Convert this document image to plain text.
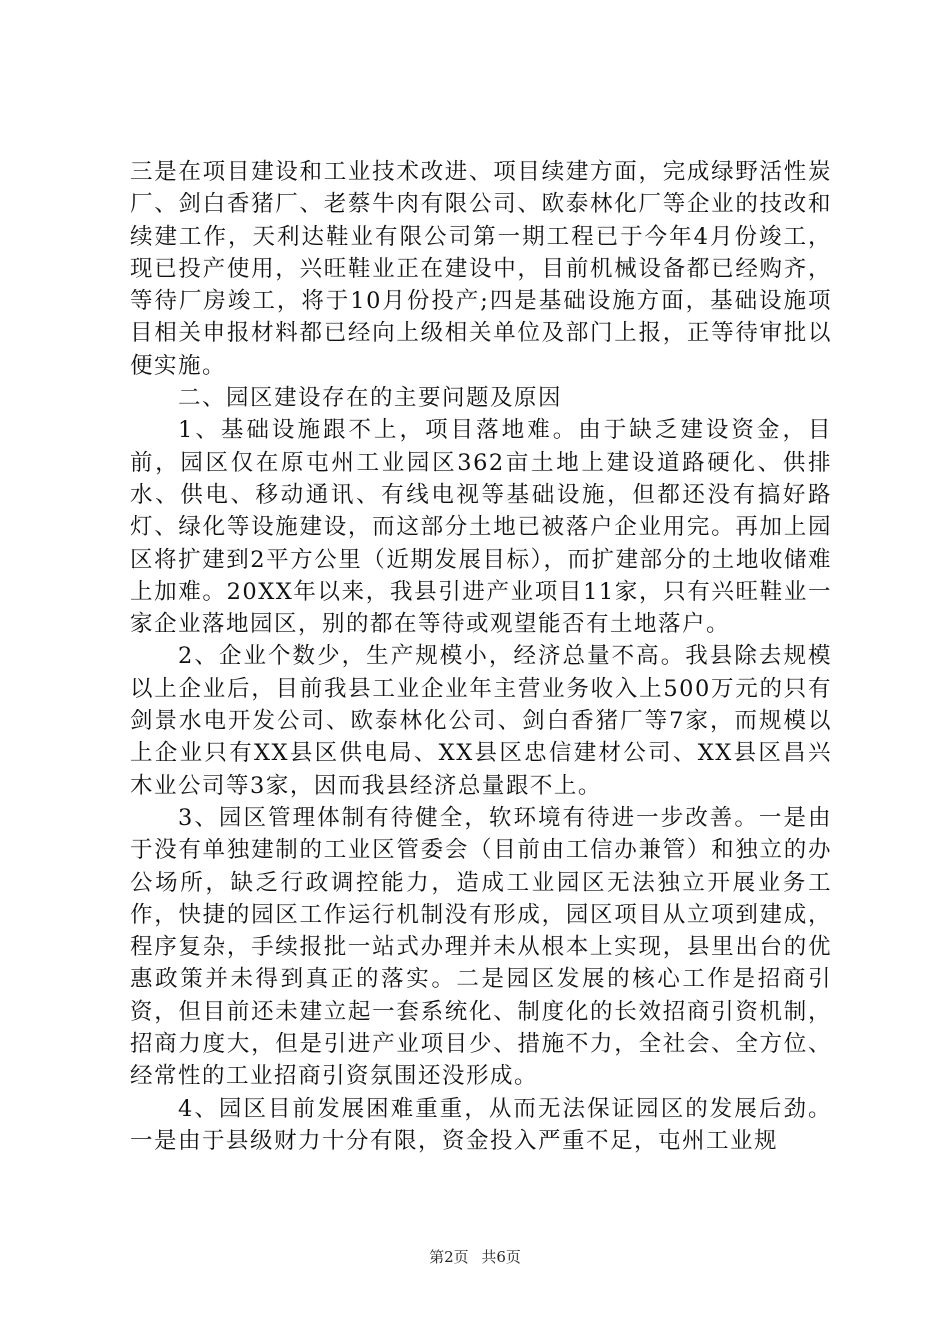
三是在项目建设和工业技术改进、项目续建方面，完成绿野活性炭厂、剑白香猪厂、老蔡牛肉有限公司、欧泰林化厂等企业的技改和续建工作，天利达鞋业有限公司第一期工程已于今年4月份竣工，现已投产使用，兴旺鞋业正在建设中，目前机械设备都已经购齐，等待厂房竣工，将于10月份投产;四是基础设施方面，基础设施项目相关申报材料都已经向上级相关单位及部门上报，正等待审批以便实施。

二、园区建设存在的主要问题及原因

1、基础设施跟不上，项目落地难。由于缺乏建设资金，目前，园区仅在原屯州工业园区362亩土地上建设道路硬化、供排水、供电、移动通讯、有线电视等基础设施，但都还没有搞好路灯、绿化等设施建设，而这部分土地已被落户企业用完。再加上园区将扩建到2平方公里（近期发展目标），而扩建部分的土地收储难上加难。20XX年以来，我县引进产业项目11家，只有兴旺鞋业一家企业落地园区，别的都在等待或观望能否有土地落户。

2、企业个数少，生产规模小，经济总量不高。我县除去规模以上企业后，目前我县工业企业年主营业务收入上500万元的只有剑景水电开发公司、欧泰林化公司、剑白香猪厂等7家，而规模以上企业只有XX县区供电局、XX县区忠信建材公司、XX县区昌兴木业公司等3家，因而我县经济总量跟不上。

3、园区管理体制有待健全，软环境有待进一步改善。一是由于没有单独建制的工业区管委会（目前由工信办兼管）和独立的办公场所，缺乏行政调控能力，造成工业园区无法独立开展业务工作，快捷的园区工作运行机制没有形成，园区项目从立项到建成，程序复杂，手续报批一站式办理并未从根本上实现，县里出台的优惠政策并未得到真正的落实。二是园区发展的核心工作是招商引资，但目前还未建立起一套系统化、制度化的长效招商引资机制，招商力度大，但是引进产业项目少、措施不力，全社会、全方位、经常性的工业招商引资氛围还没形成。

4、园区目前发展困难重重，从而无法保证园区的发展后劲。一是由于县级财力十分有限，资金投入严重不足，屯州工业规

第2页 共6页
